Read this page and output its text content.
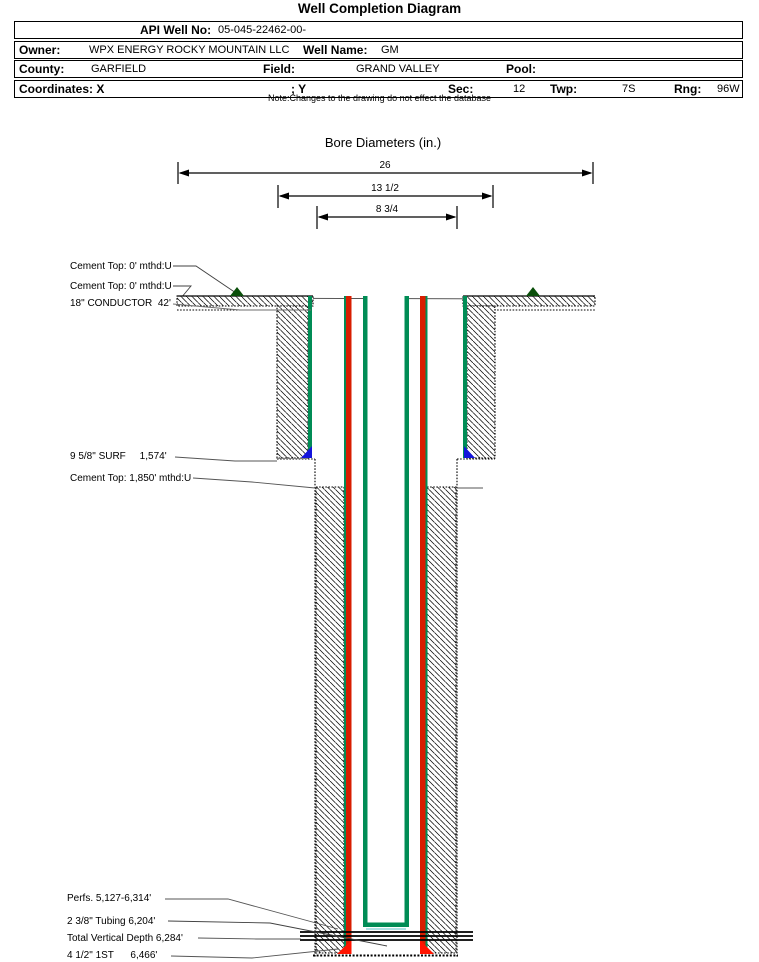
Well Completion Diagram
API Well No: 05-045-22462-00-
Owner:	WPX ENERGY ROCKY MOUNTAIN LLC Well Name: GM
County: GARFIELD	Field:	GRAND VALLEY	Pool:
Coordinates: X	; Y	Sec:	12 Twp:	7S	Rng: 96W
Note:Changes to the drawing do not effect the database
Bore Diameters (in.)
26
13 1/2
8 3/4
Cement Top: 0' mthd:U
Cement Top: 0' mthd:U
18" CONDUCTOR  42'
9 5/8" SURF     1,574'
Cement Top: 1,850' mthd:U
Perfs. 5,127-6,314'
2 3/8" Tubing 6,204'
Total Vertical Depth 6,284'
4 1/2" 1ST      6,466'
